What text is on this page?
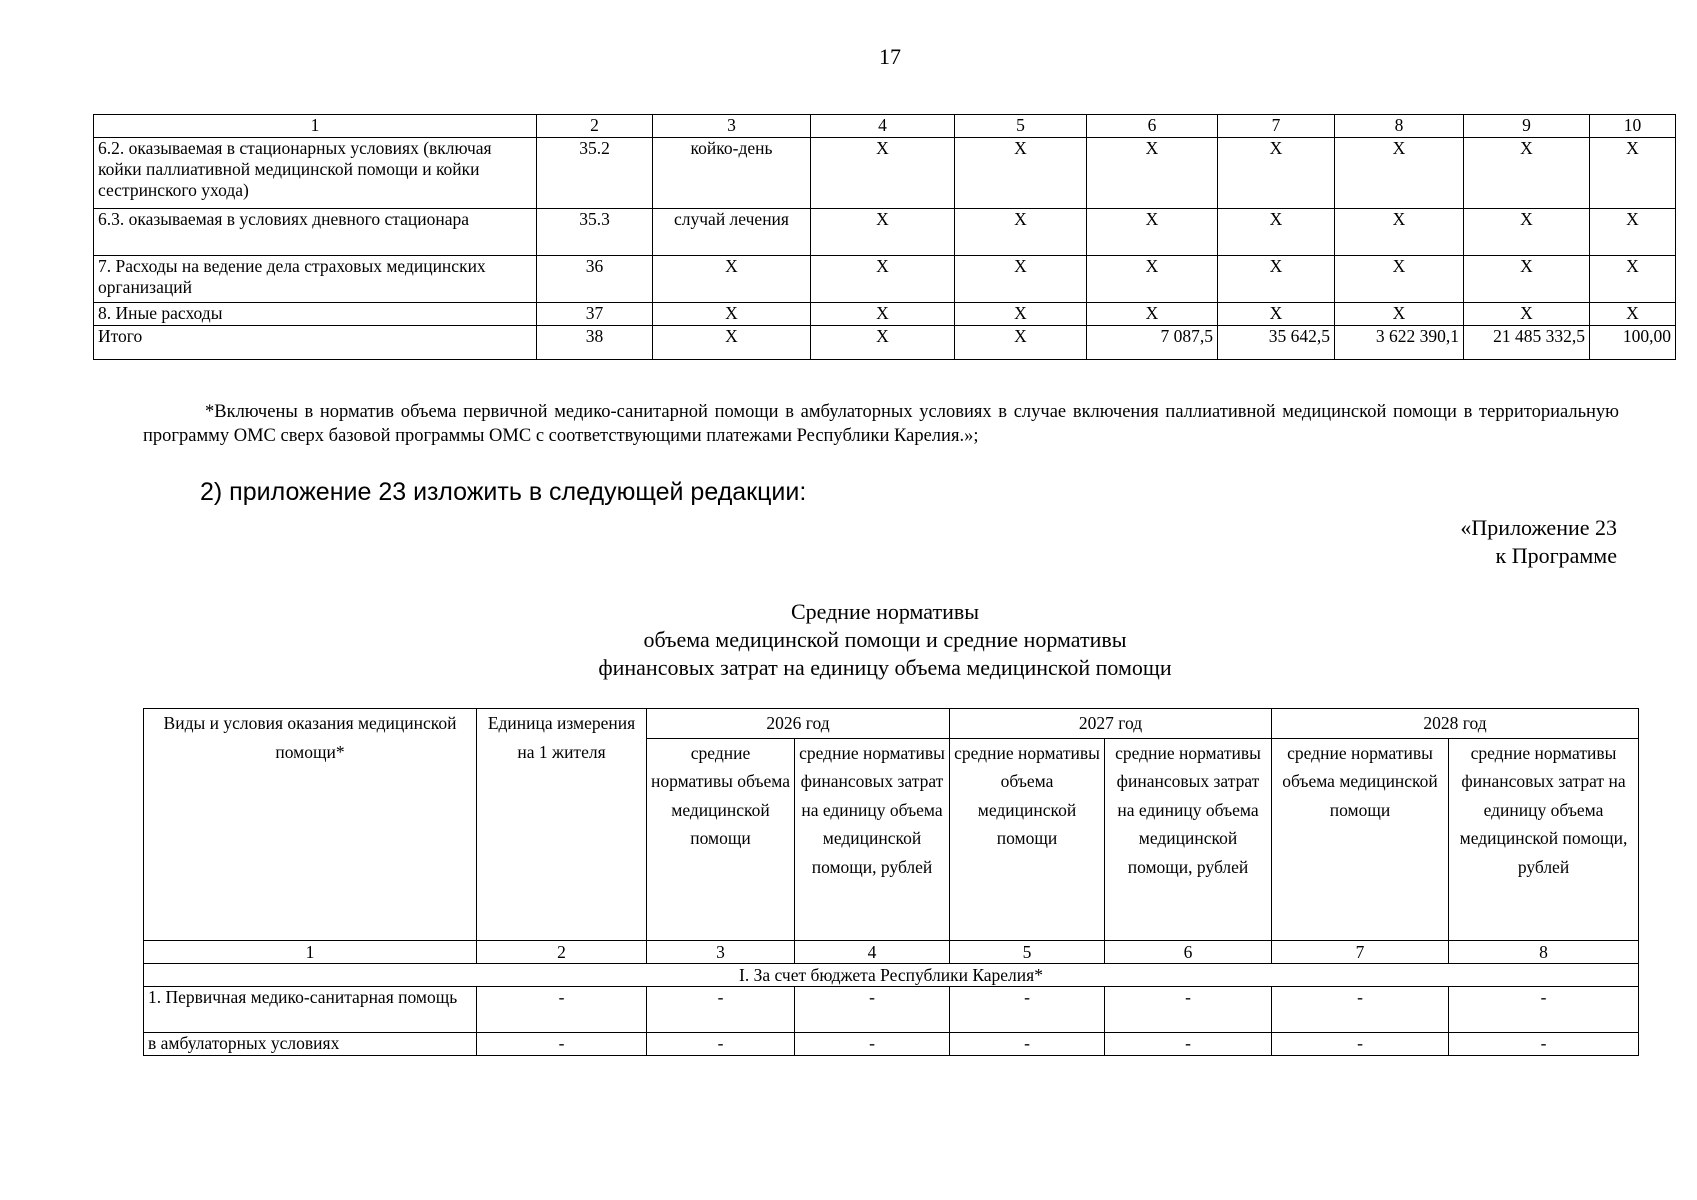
17
1	2	3	4	5	6	7	8	9	10
6.2. оказываемая в стационарных условиях (включая койки паллиативной медицинской помощи и койки сестринского ухода)	35.2	койко-день	X	X	X	X	X	X	X
6.3. оказываемая в условиях дневного стационара	35.3	случай лечения	X	X	X	X	X	X	X
7. Расходы на ведение дела страховых медицинских организаций	36	X	X	X	X	X	X	X	X
8. Иные расходы	37	X	X	X	X	X	X	X	X
Итого	38	X	X	X	7 087,5	35 642,5	3 622 390,1	21 485 332,5	100,00
*Включены в норматив объема первичной медико-санитарной помощи в амбулаторных условиях в случае включения паллиативной медицинской помощи в территориальную программу ОМС сверх базовой программы ОМС с соответствующими платежами Республики Карелия.»;
2) приложение 23 изложить в следующей редакции:
«Приложение 23
к Программе
Средние нормативы
объема медицинской помощи и средние нормативы
финансовых затрат на единицу объема медицинской помощи
Виды и условия оказания медицинской помощи*	Единица измерения на 1 жителя	2026 год		2027 год		2028 год	
		средние нормативы объема медицинской помощи	средние нормативы финансовых затрат на единицу объема медицинской помощи, рублей	средние нормативы объема медицинской помощи	средние нормативы финансовых затрат на единицу объема медицинской помощи, рублей	средние нормативы объема медицинской помощи	средние нормативы финансовых затрат на единицу объема медицинской помощи, рублей
1	2	3	4	5	6	7	8
I. За счет бюджета Республики Карелия*							
1. Первичная медико-санитарная помощь	-	-	-	-	-	-	-
в амбулаторных условиях	-	-	-	-	-	-	-
